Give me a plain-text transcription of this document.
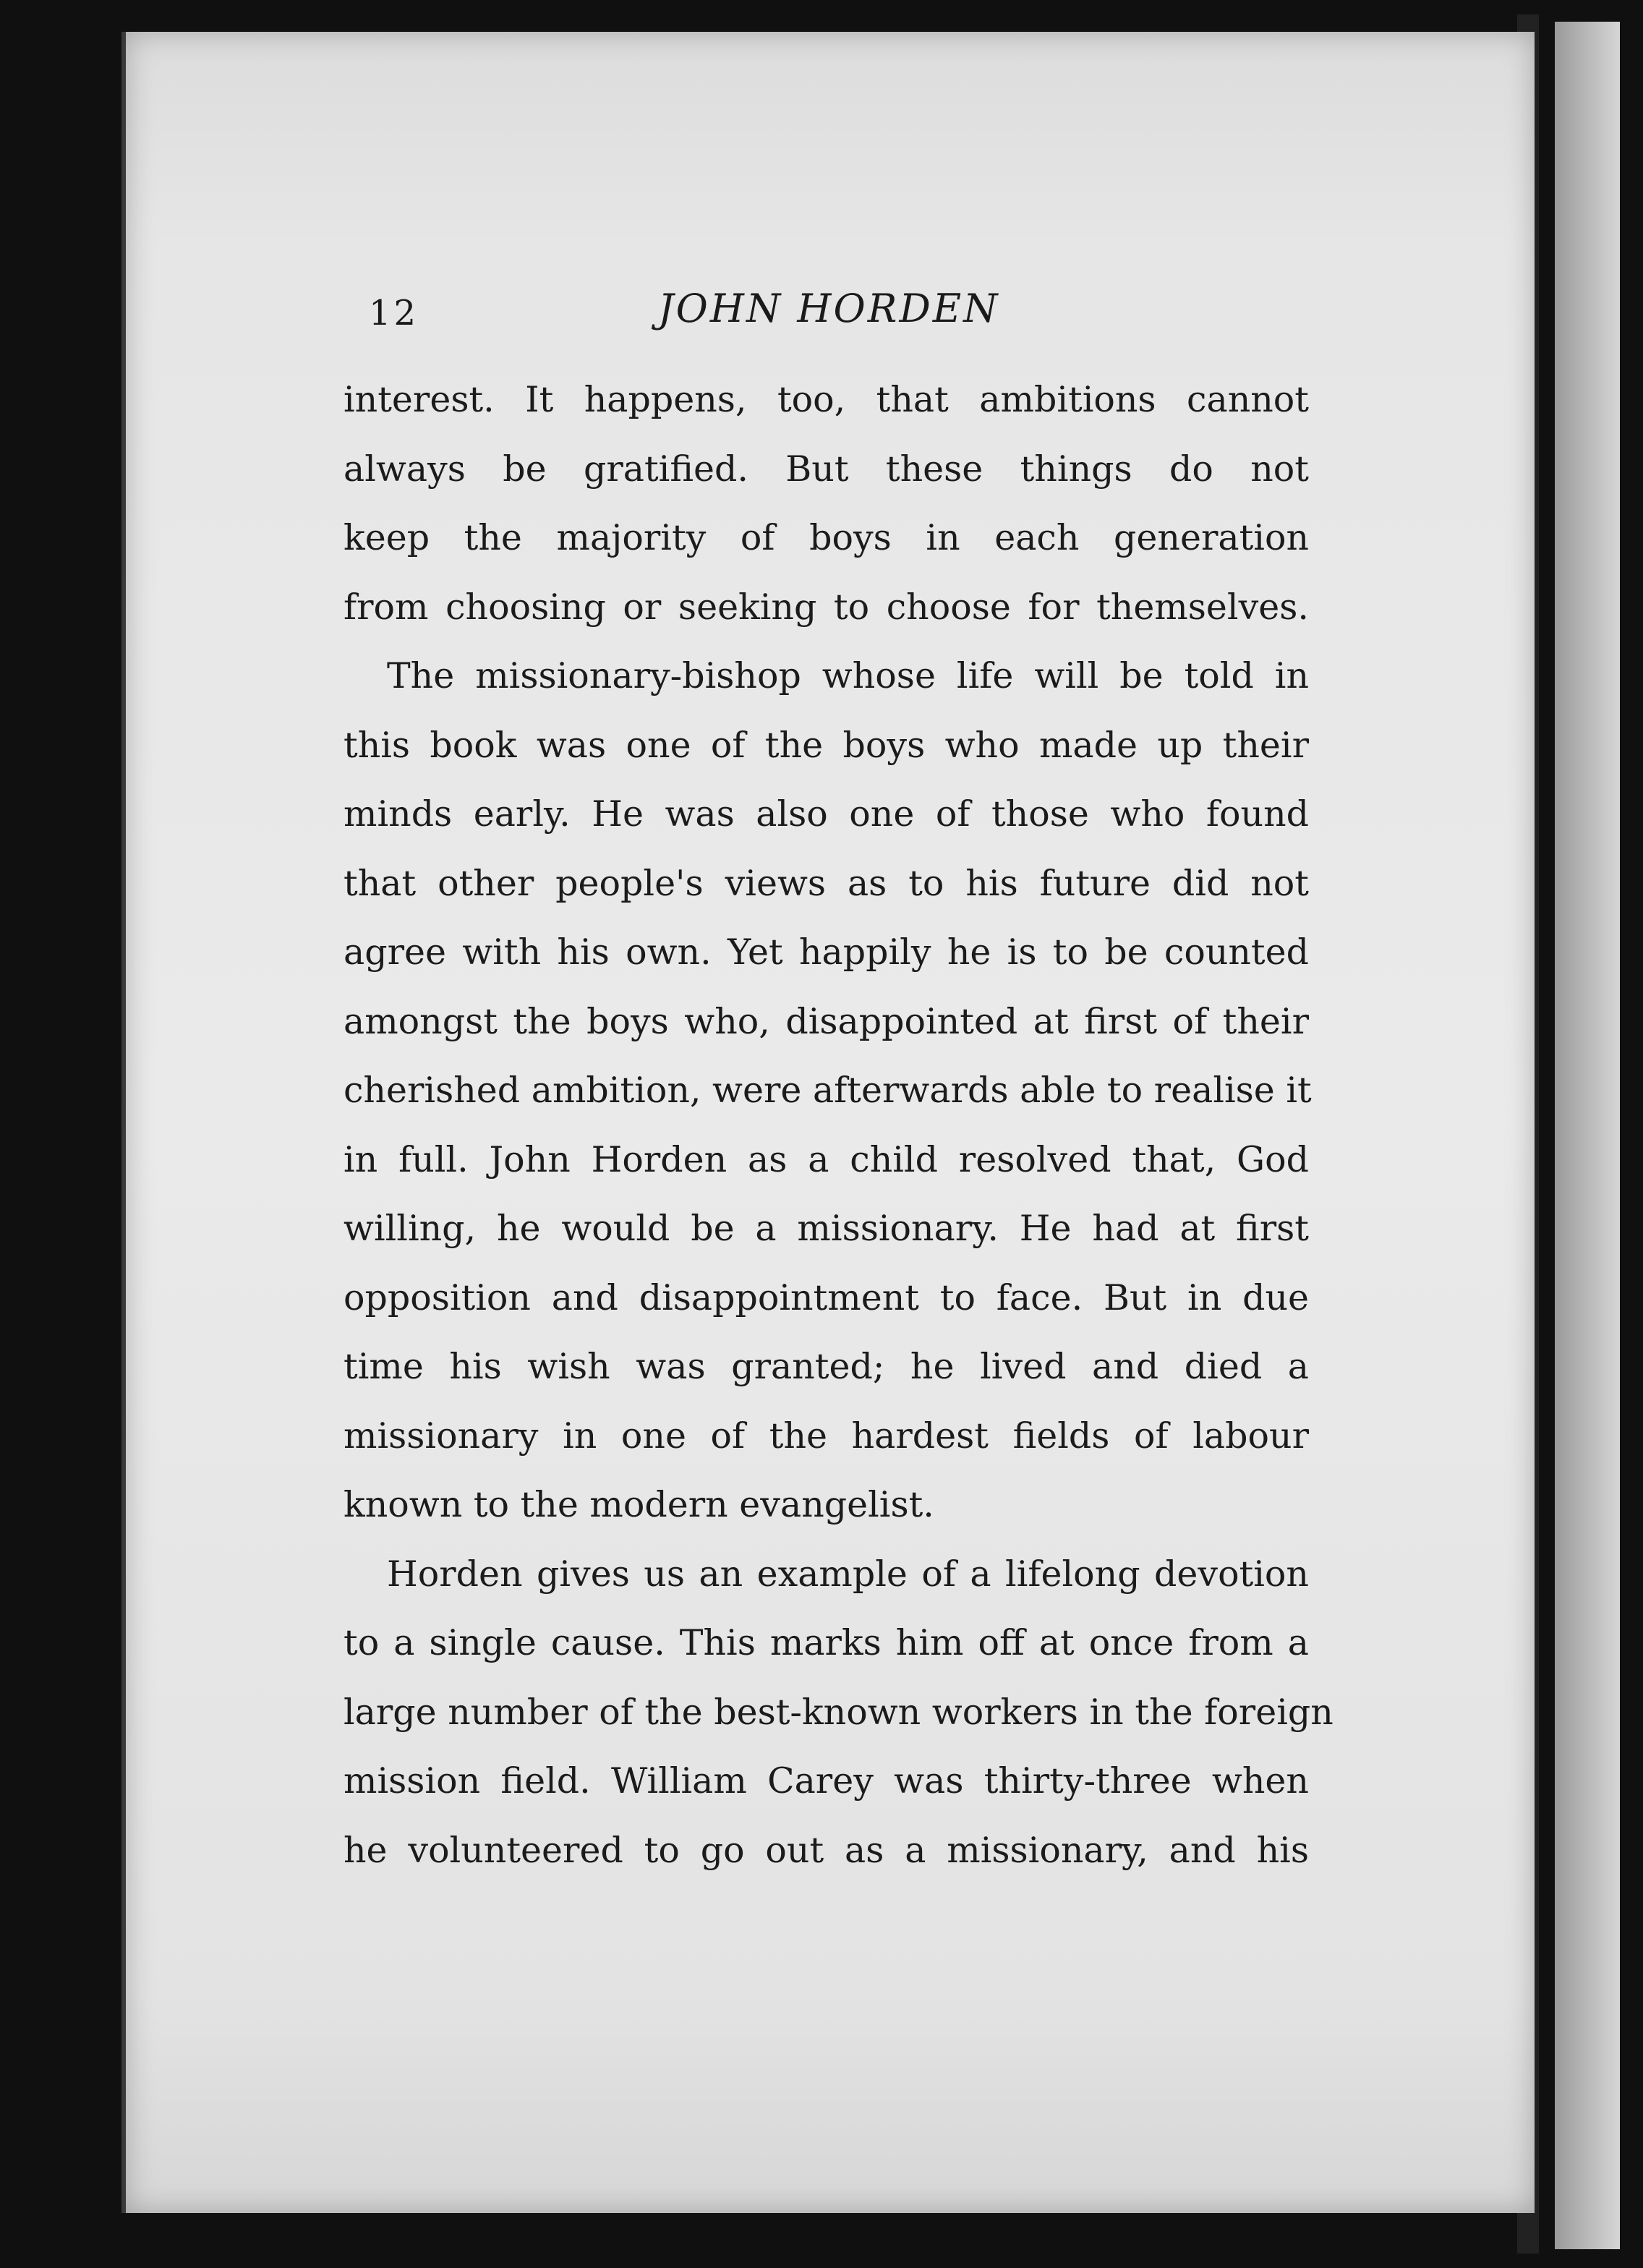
12	JOHN HORDEN

interest. It happens, too, that ambitions cannot

always be gratified. But these things do not

keep the majority of boys in each generation

from choosing or seeking to choose for themselves.

The missionary-bishop whose life will be told in

this book was one of the boys who made up their

minds early. He was also one of those who found

that other people's views as to his future did not

agree with his own. Yet happily he is to be counted

amongst the boys who, disappointed at first of their

cherished ambition, were afterwards able to realise it

in full. John Horden as a child resolved that, God

willing, he would be a missionary. He had at first

opposition and disappointment to face. But in due

time his wish was granted; he lived and died a

missionary in one of the hardest fields of labour

known to the modern evangelist.

Horden gives us an example of a lifelong devotion

to a single cause. This marks him off at once from a

large number of the best-known workers in the foreign

mission field. William Carey was thirty-three when

he volunteered to go out as a missionary, and his
